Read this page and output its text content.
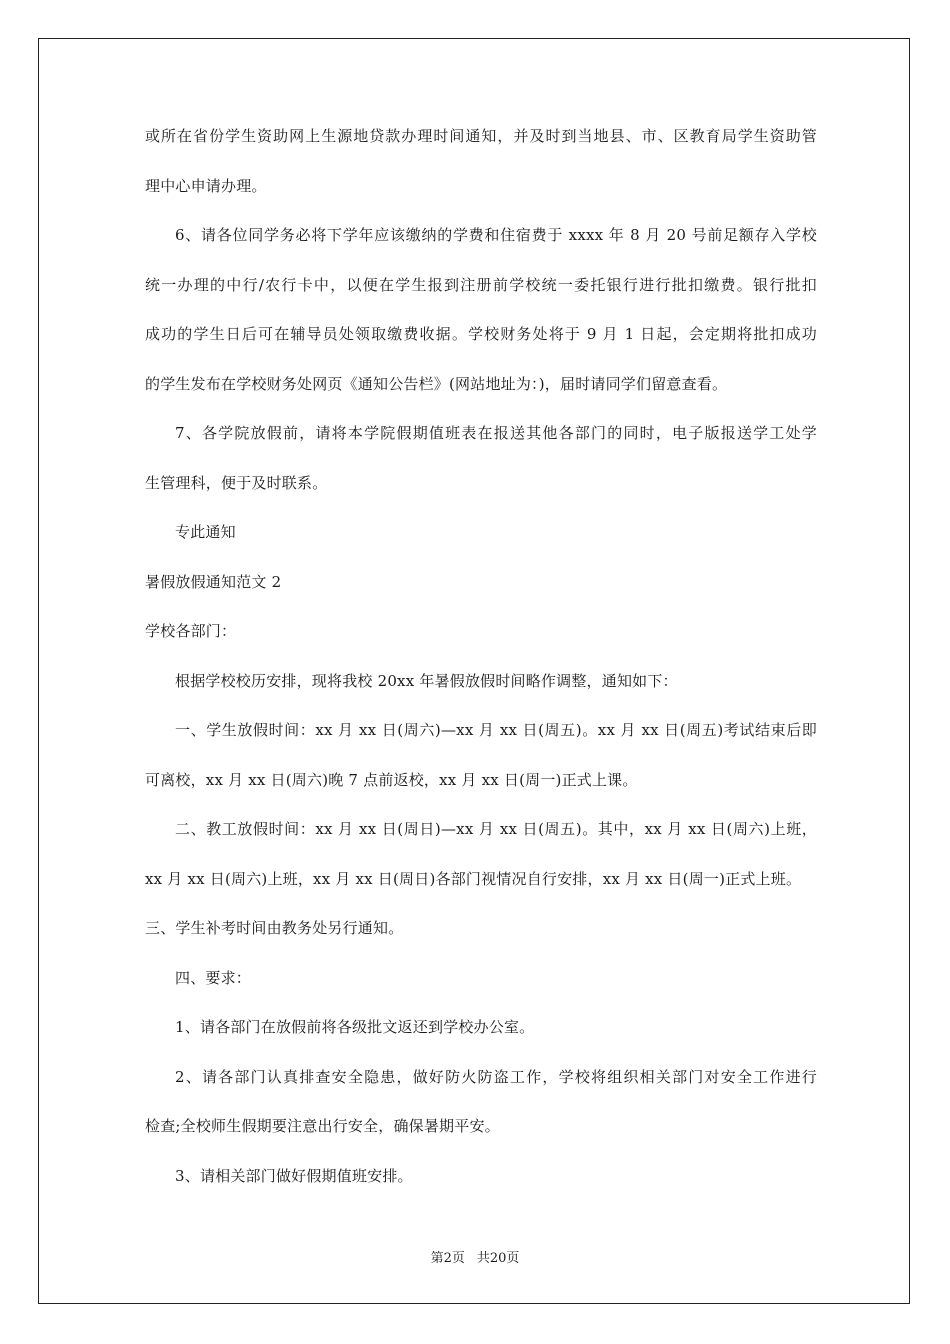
或所在省份学生资助网上生源地贷款办理时间通知，并及时到当地县、市、区教育局学生资助管
理中心申请办理。
6、请各位同学务必将下学年应该缴纳的学费和住宿费于 xxxx 年 8 月 20 号前足额存入学校
统一办理的中行/农行卡中，以便在学生报到注册前学校统一委托银行进行批扣缴费。银行批扣
成功的学生日后可在辅导员处领取缴费收据。学校财务处将于 9 月 1 日起，会定期将批扣成功
的学生发布在学校财务处网页《通知公告栏》(网站地址为：)，届时请同学们留意查看。
7、各学院放假前，请将本学院假期值班表在报送其他各部门的同时，电子版报送学工处学
生管理科，便于及时联系。
专此通知
暑假放假通知范文 2
学校各部门：
根据学校校历安排，现将我校 20xx 年暑假放假时间略作调整，通知如下：
一、学生放假时间：xx 月 xx 日(周六)—xx 月 xx 日(周五)。xx 月 xx 日(周五)考试结束后即
可离校，xx 月 xx 日(周六)晚 7 点前返校，xx 月 xx 日(周一)正式上课。
二、教工放假时间：xx 月 xx 日(周日)—xx 月 xx 日(周五)。其中，xx 月 xx 日(周六)上班，
xx 月 xx 日(周六)上班，xx 月 xx 日(周日)各部门视情况自行安排，xx 月 xx 日(周一)正式上班。
三、学生补考时间由教务处另行通知。
四、要求：
1、请各部门在放假前将各级批文返还到学校办公室。
2、请各部门认真排查安全隐患，做好防火防盗工作，学校将组织相关部门对安全工作进行
检查;全校师生假期要注意出行安全，确保暑期平安。
3、请相关部门做好假期值班安排。
第2页 共20页
